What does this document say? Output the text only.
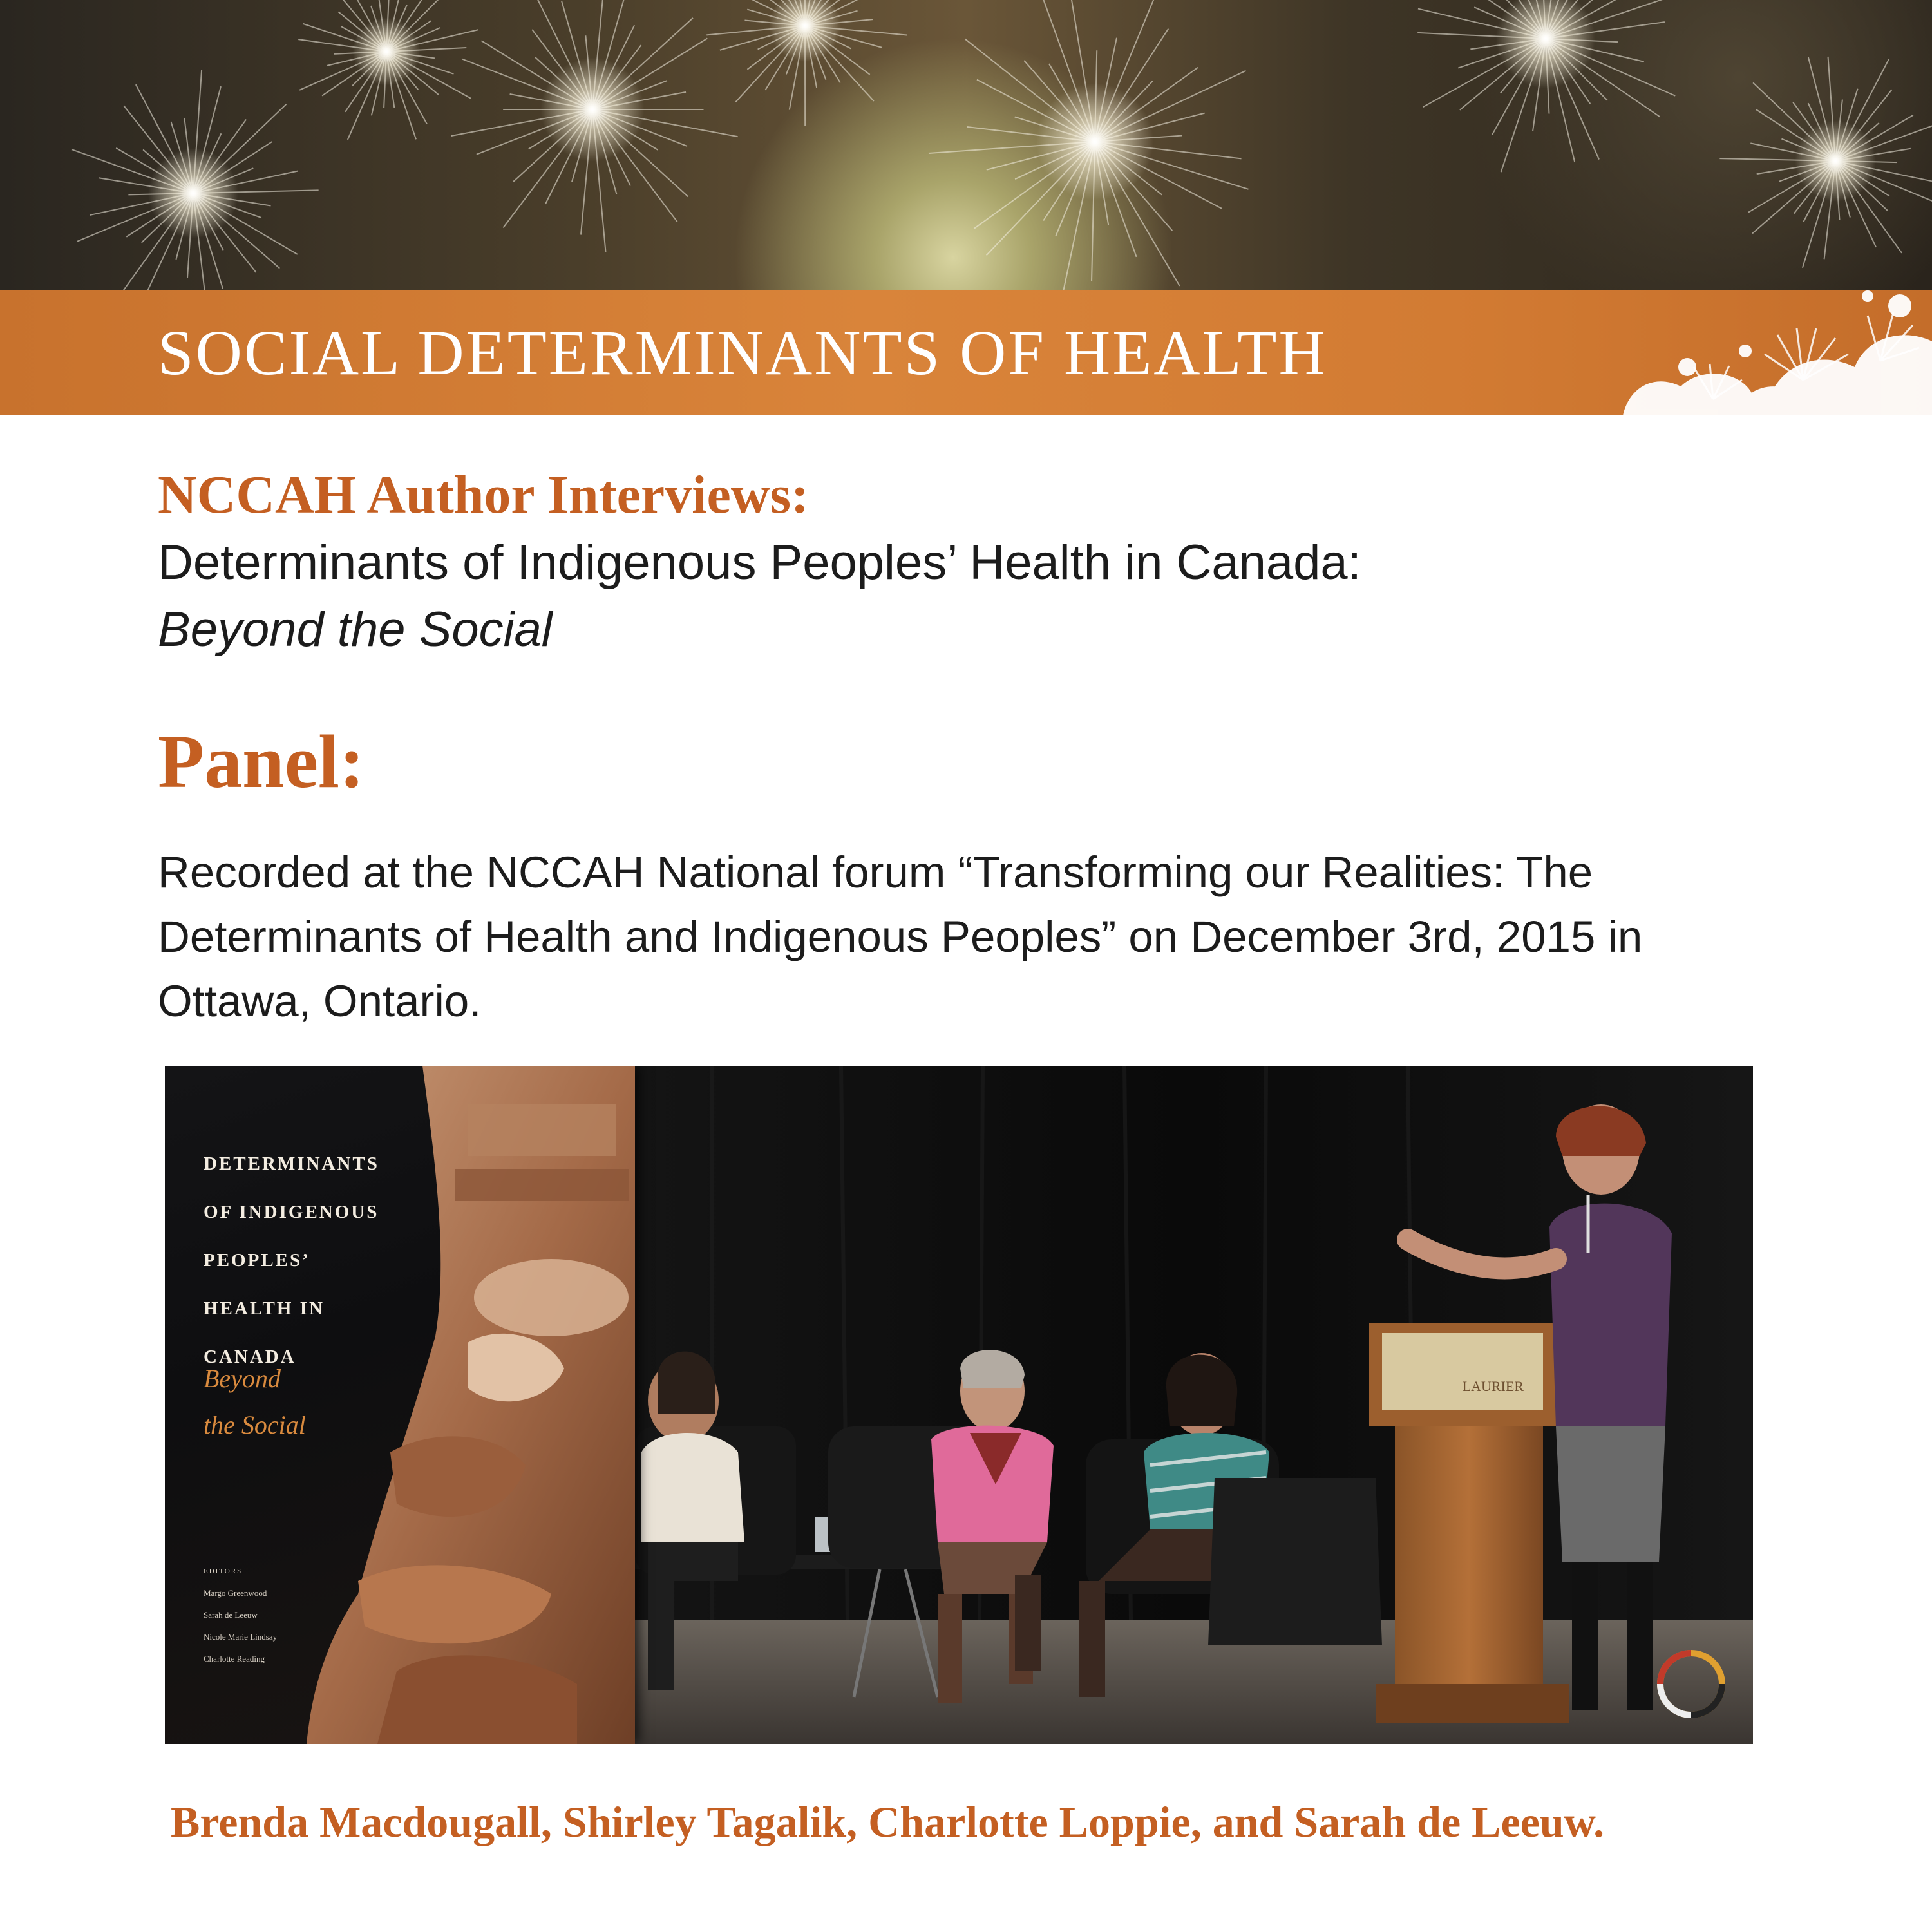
SOCIAL DETERMINANTS OF HEALTH
NCCAH Author Interviews:
Determinants of Indigenous Peoples’ Health in Canada:
Beyond the Social
Panel:
Recorded at the NCCAH National forum “Transforming our Realities: The Determinants of Health and Indigenous Peoples” on December 3rd, 2015 in Ottawa, Ontario.
DETERMINANTS
OF INDIGENOUS
PEOPLES’
HEALTH IN
CANADA
Beyond
the Social
EDITORS
Margo Greenwood
Sarah de Leeuw
Nicole Marie Lindsay
Charlotte Reading
LAURIER
Brenda Macdougall, Shirley Tagalik, Charlotte Loppie, and Sarah de Leeuw.
